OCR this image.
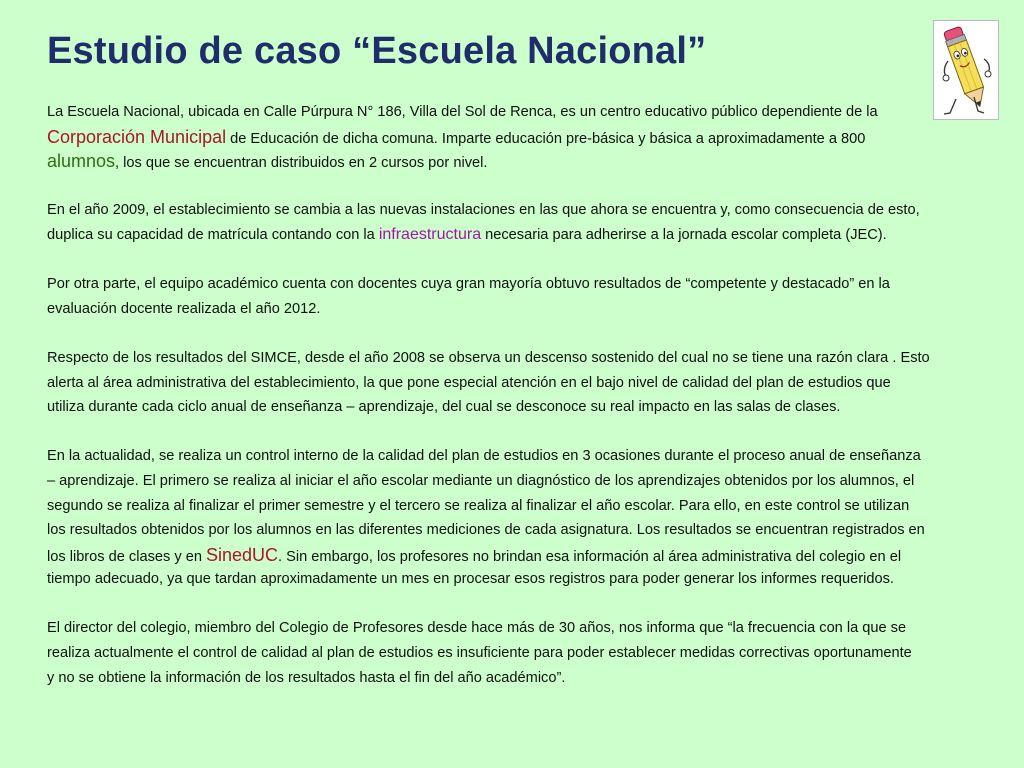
Estudio de caso “Escuela Nacional”
La Escuela Nacional, ubicada en Calle Púrpura N° 186, Villa del Sol de Renca, es un centro educativo público dependiente de la
Corporación Municipal de Educación de dicha comuna. Imparte educación pre-básica y básica a aproximadamente a 800
alumnos, los que se encuentran distribuidos en 2 cursos por nivel.
En el año 2009, el establecimiento se cambia a las nuevas instalaciones en las que ahora se encuentra y, como consecuencia de esto,
duplica su capacidad de matrícula contando con la infraestructura necesaria para adherirse a la jornada escolar completa (JEC).
Por otra parte, el equipo académico cuenta con docentes cuya gran mayoría obtuvo resultados de “competente y destacado” en la
evaluación docente realizada el año 2012.
Respecto de los resultados del SIMCE, desde el año 2008 se observa un descenso sostenido del cual no se tiene una razón clara . Esto
alerta al área administrativa del establecimiento, la que pone especial atención en el bajo nivel de calidad del plan de estudios que
utiliza durante cada ciclo anual de enseñanza – aprendizaje, del cual se desconoce su real impacto en las salas de clases.
En la actualidad, se realiza un control interno de la calidad del plan de estudios en 3 ocasiones durante el proceso anual de enseñanza
– aprendizaje. El primero se realiza al iniciar el año escolar mediante un diagnóstico de los aprendizajes obtenidos por los alumnos, el
segundo se realiza al finalizar el primer semestre y el tercero se realiza al finalizar el año escolar. Para ello, en este control se utilizan
los resultados obtenidos por los alumnos en las diferentes mediciones de cada asignatura. Los resultados se encuentran registrados en
los libros de clases y en SinedUC. Sin embargo, los profesores no brindan esa información al área administrativa del colegio en el
tiempo adecuado, ya que tardan aproximadamente un mes en procesar esos registros para poder generar los informes requeridos.
El director del colegio, miembro del Colegio de Profesores desde hace más de 30 años, nos informa que “la frecuencia con la que se
realiza actualmente el control de calidad al plan de estudios es insuficiente para poder establecer medidas correctivas oportunamente
y no se obtiene la información de los resultados hasta el fin del año académico”.
